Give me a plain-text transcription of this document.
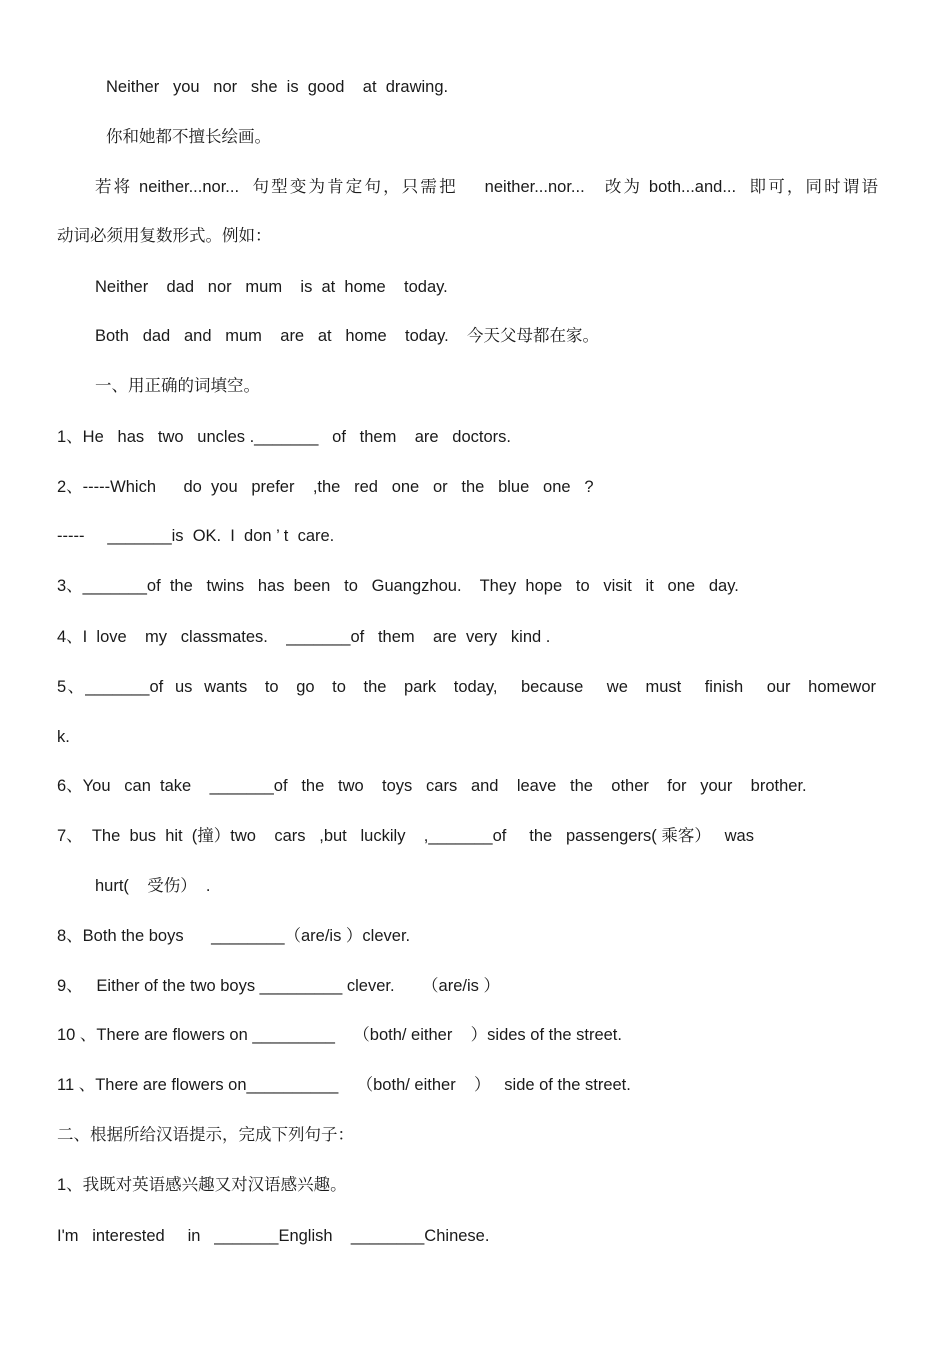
Neither   you   nor   she  is  good    at  drawing.
你和她都不擅长绘画。
若将 neither...nor...  句型变为肯定句，只需把    neither...nor...   改为 both...and...  即可，同时谓语
动词必须用复数形式。例如：
Neither    dad   nor   mum    is  at  home    today.
Both   dad   and   mum    are   at   home    today.    今天父母都在家。
一、用正确的词填空。
1、He   has   two   uncles ._______   of   them    are   doctors.
2、-----Which      do  you   prefer    ,the   red   one   or   the   blue   one   ?
-----     _______is  OK.  I  don ’ t  care.
3、_______of  the   twins   has  been   to   Guangzhou.    They  hope   to   visit   it   one   day.
4、I  love    my   classmates.    _______of   them    are  very   kind .
5、_______of  us  wants   to   go   to   the   park   today,    because    we   must    finish    our   homewor
k.
6、You   can  take    _______of   the   two    toys   cars   and    leave   the    other    for   your    brother.
7、  The  bus  hit  (撞）two    cars   ,but   luckily    ,_______of     the   passengers( 乘客）   was
hurt(    受伤）  .
8、Both the boys      ________（are/is ）clever.
9、   Either of the two boys _________ clever.      （are/is ）
10 、There are flowers on _________    （both/ either    ）sides of the street.
11 、There are flowers on__________    （both/ either    ）   side of the street.
二、根据所给汉语提示，完成下列句子：
1、我既对英语感兴趣又对汉语感兴趣。
I'm   interested     in   _______English    ________Chinese.
